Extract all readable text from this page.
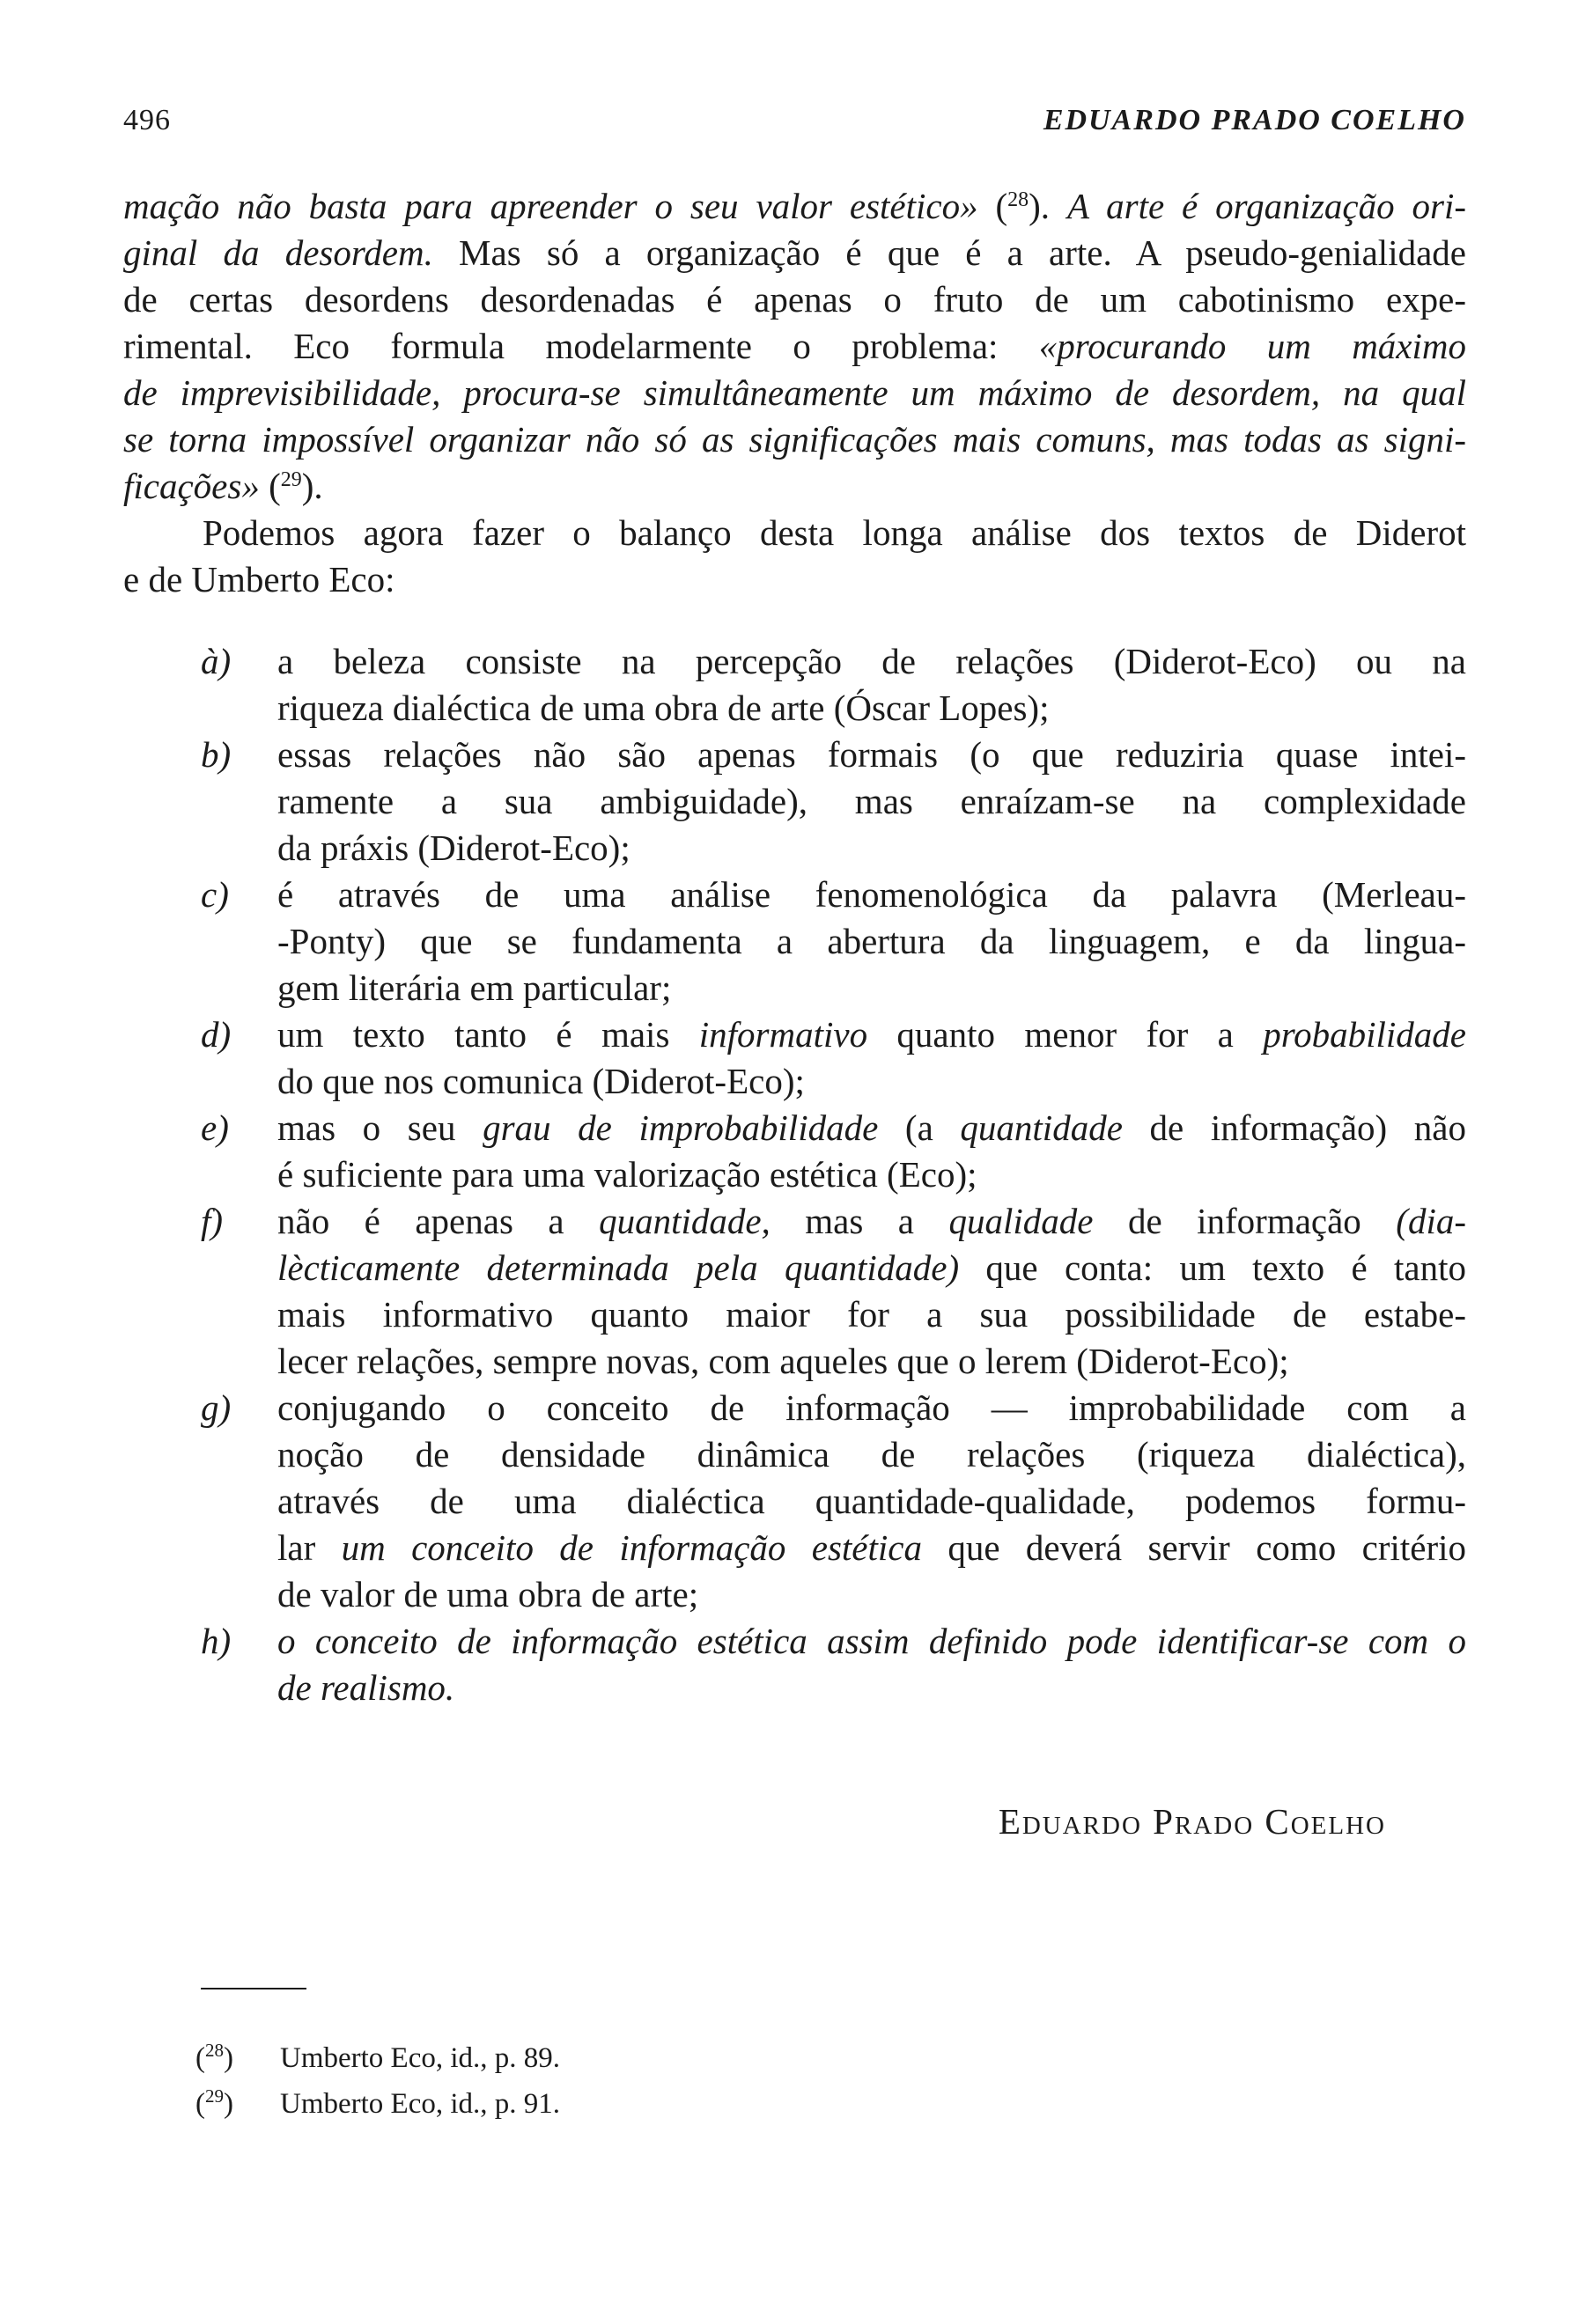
496	EDUARDO PRADO COELHO
mação não basta para apreender o seu valor estético» ($^{28}$). A arte é organização ori-
ginal da desordem. Mas só a organização é que é a arte. A pseudo-genialidade
de certas desordens desordenadas é apenas o fruto de um cabotinismo expe-
rimental. Eco formula modelarmente o problema: «procurando um máximo
de imprevisibilidade, procura-se simultâneamente um máximo de desordem, na qual
se torna impossível organizar não só as significações mais comuns, mas todas as signi-
ficações» ($^{29}$).
Podemos agora fazer o balanço desta longa análise dos textos de Diderot
e de Umberto Eco:
à) a beleza consiste na percepção de relações (Diderot-Eco) ou na
riqueza dialéctica de uma obra de arte (Óscar Lopes);
b) essas relações não são apenas formais (o que reduziria quase intei-
ramente a sua ambiguidade), mas enraízam-se na complexidade
da práxis (Diderot-Eco);
c) é através de uma análise fenomenológica da palavra (Merleau-
-Ponty) que se fundamenta a abertura da linguagem, e da lingua-
gem literária em particular;
d) um texto tanto é mais informativo quanto menor for a probabilidade
do que nos comunica (Diderot-Eco);
e) mas o seu grau de improbabilidade (a quantidade de informação) não
é suficiente para uma valorização estética (Eco);
f) não é apenas a quantidade, mas a qualidade de informação (dia-
lècticamente determinada pela quantidade) que conta: um texto é tanto
mais informativo quanto maior for a sua possibilidade de estabe-
lecer relações, sempre novas, com aqueles que o lerem (Diderot-Eco);
g) conjugando o conceito de informação — improbabilidade com a
noção de densidade dinâmica de relações (riqueza dialéctica),
através de uma dialéctica quantidade-qualidade, podemos formu-
lar um conceito de informação estética que deverá servir como critério
de valor de uma obra de arte;
h) o conceito de informação estética assim definido pode identificar-se com o
de realismo.
Eduardo Prado Coelho
($^{28}$) Umberto Eco, id., p. 89.
($^{29}$) Umberto Eco, id., p. 91.
